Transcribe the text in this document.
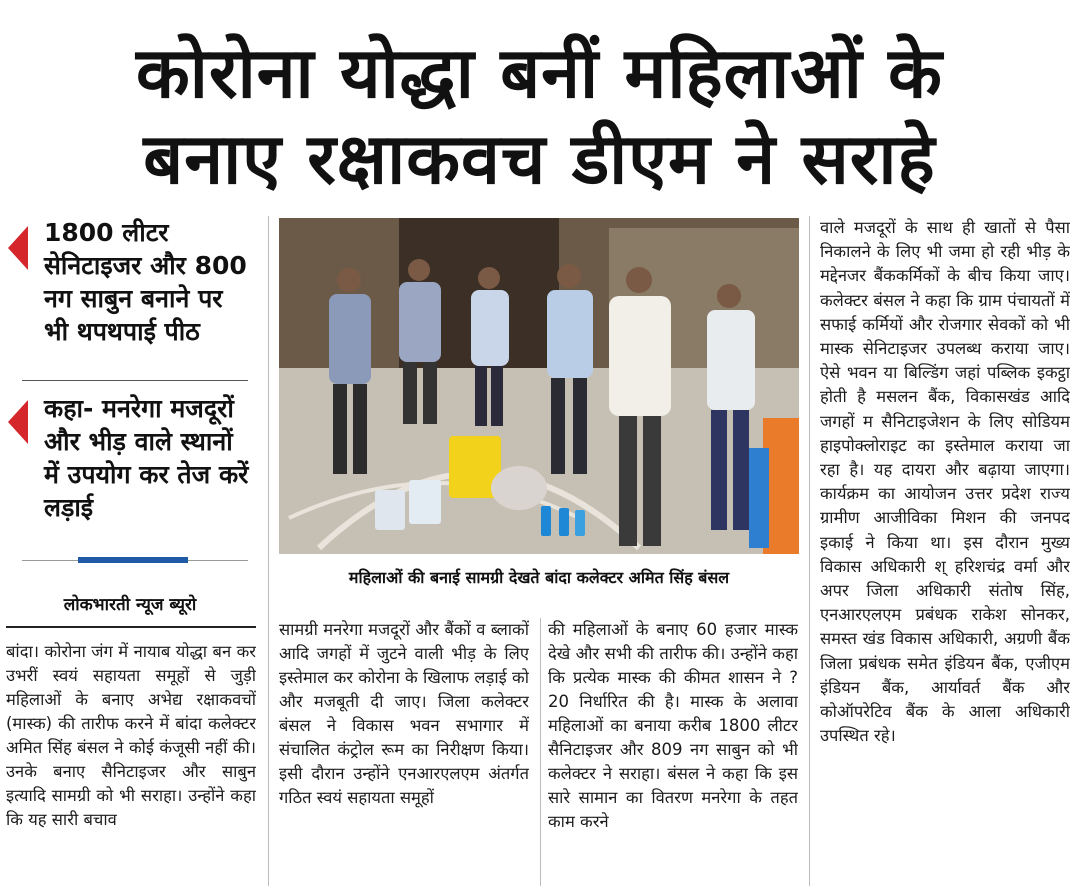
कोरोना योद्धा बनीं महिलाओं के
बनाए रक्षाकवच डीएम ने सराहे
1800 लीटर सेनिटाइजर और 800 नग साबुन बनाने पर भी थपथपाई पीठ
कहा- मनरेगा मजदूरों और भीड़ वाले स्थानों में उपयोग कर तेज करें लड़ाई
लोकभारती न्यूज ब्यूरो
महिलाओं की बनाई सामग्री देखते बांदा कलेक्टर अमित सिंह बंसल
बांदा। कोरोना जंग में नायाब योद्धा बन कर उभरीं स्वयं सहायता समूहों से जुड़ी महिलाओं के बनाए अभेद्य रक्षाकवचों (मास्क) की तारीफ करने में बांदा कलेक्टर अमित सिंह बंसल ने कोई कंजूसी नहीं की। उनके बनाए सैनिटाइजर और साबुन इत्यादि सामग्री को भी सराहा। उन्होंने कहा कि यह सारी बचाव
सामग्री मनरेगा मजदूरों और बैंकों व ब्लाकों आदि जगहों में जुटने वाली भीड़ के लिए इस्तेमाल कर कोरोना के खिलाफ लड़ाई को और मजबूती दी जाए। जिला कलेक्टर बंसल ने विकास भवन सभागार में संचालित कंट्रोल रूम का निरीक्षण किया। इसी दौरान उन्होंने एनआरएलएम अंतर्गत गठित स्वयं सहायता समूहों
की महिलाओं के बनाए 60 हजार मास्क देखे और सभी की तारीफ की। उन्होंने कहा कि प्रत्येक मास्क की कीमत शासन ने ?20 निर्धारित की है। मास्क के अलावा महिलाओं का बनाया करीब 1800 लीटर सैनिटाइजर और 809 नग साबुन को भी कलेक्टर ने सराहा। बंसल ने कहा कि इस सारे सामान का वितरण मनरेगा के तहत काम करने
वाले मजदूरों के साथ ही खातों से पैसा निकालने के लिए भी जमा हो रही भीड़ के मद्देनजर बैंककर्मिकों के बीच किया जाए। कलेक्टर बंसल ने कहा कि ग्राम पंचायतों में सफाई कर्मियों और रोजगार सेवकों को भी मास्क सेनिटाइजर उपलब्ध कराया जाए। ऐसे भवन या बिल्डिंग जहां पब्लिक इकट्ठा होती है मसलन बैंक, विकासखंड आदि जगहों म सैनिटाइजेशन के लिए सोडियम हाइपोक्लोराइट का इस्तेमाल कराया जा रहा है। यह दायरा और बढ़ाया जाएगा। कार्यक्रम का आयोजन उत्तर प्रदेश राज्य ग्रामीण आजीविका मिशन की जनपद इकाई ने किया था। इस दौरान मुख्य विकास अधिकारी श् हरिशचंद्र वर्मा और अपर जिला अधिकारी संतोष सिंह, एनआरएलएम प्रबंधक राकेश सोनकर, समस्त खंड विकास अधिकारी, अग्रणी बैंक जिला प्रबंधक समेत इंडियन बैंक, एजीएम इंडियन बैंक, आर्यावर्त बैंक और कोऑपरेटिव बैंक के आला अधिकारी उपस्थित रहे।
